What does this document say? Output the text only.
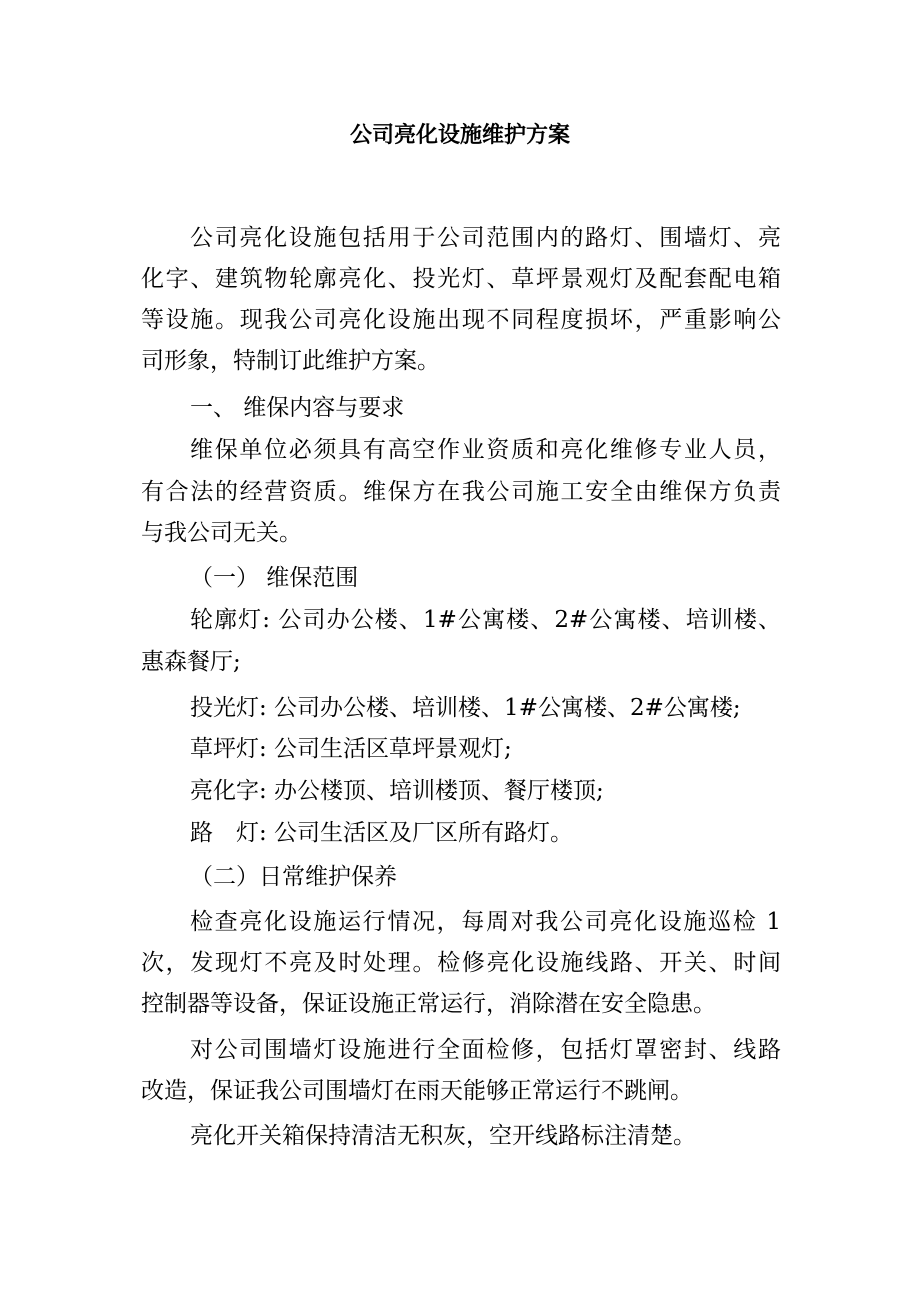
公司亮化设施维护方案
公司亮化设施包括用于公司范围内的路灯、围墙灯、亮
化字、建筑物轮廓亮化、投光灯、草坪景观灯及配套配电箱
等设施。现我公司亮化设施出现不同程度损坏，严重影响公
司形象，特制订此维护方案。
一、 维保内容与要求
维保单位必须具有高空作业资质和亮化维修专业人员，
有合法的经营资质。维保方在我公司施工安全由维保方负责
与我公司无关。
（一） 维保范围
轮廓灯: 公司办公楼、1#公寓楼、2#公寓楼、培训楼、
惠森餐厅;
投光灯: 公司办公楼、培训楼、1#公寓楼、2#公寓楼;
草坪灯: 公司生活区草坪景观灯;
亮化字: 办公楼顶、培训楼顶、餐厅楼顶;
路　灯: 公司生活区及厂区所有路灯。
（二）日常维护保养
检查亮化设施运行情况，每周对我公司亮化设施巡检 1
次，发现灯不亮及时处理。检修亮化设施线路、开关、时间
控制器等设备，保证设施正常运行，消除潜在安全隐患。
对公司围墙灯设施进行全面检修，包括灯罩密封、线路
改造，保证我公司围墙灯在雨天能够正常运行不跳闸。
亮化开关箱保持清洁无积灰，空开线路标注清楚。
